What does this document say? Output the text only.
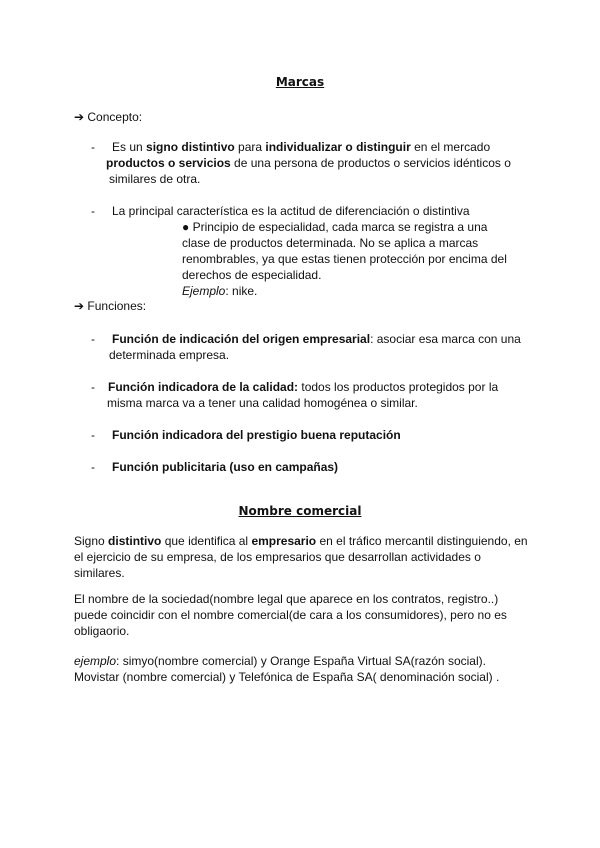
Marcas
➔ Concepto:
- Es un signo distintivo para individualizar o distinguir en el mercado
productos o servicios de una persona de productos o servicios idénticos o similares de otra.
- La principal característica es la actitud de diferenciación o distintiva
● Principio de especialidad, cada marca se registra a una clase de productos determinada. No se aplica a marcas renombrables, ya que estas tienen protección por encima del derechos de especialidad.
Ejemplo: nike.
➔ Funciones:
- Función de indicación del origen empresarial: asociar esa marca con una determinada empresa.
- Función indicadora de la calidad: todos los productos protegidos por la misma marca va a tener una calidad homogénea o similar.
- Función indicadora del prestigio buena reputación
- Función publicitaria (uso en campañas)
Nombre comercial
Signo distintivo que identifica al empresario en el tráfico mercantil distinguiendo, en el ejercicio de su empresa, de los empresarios que desarrollan actividades o similares.
El nombre de la sociedad(nombre legal que aparece en los contratos, registro..) puede coincidir con el nombre comercial(de cara a los consumidores), pero no es obligaorio.
ejemplo: simyo(nombre comercial) y Orange España Virtual SA(razón social).
Movistar (nombre comercial) y Telefónica de España SA( denominación social) .
